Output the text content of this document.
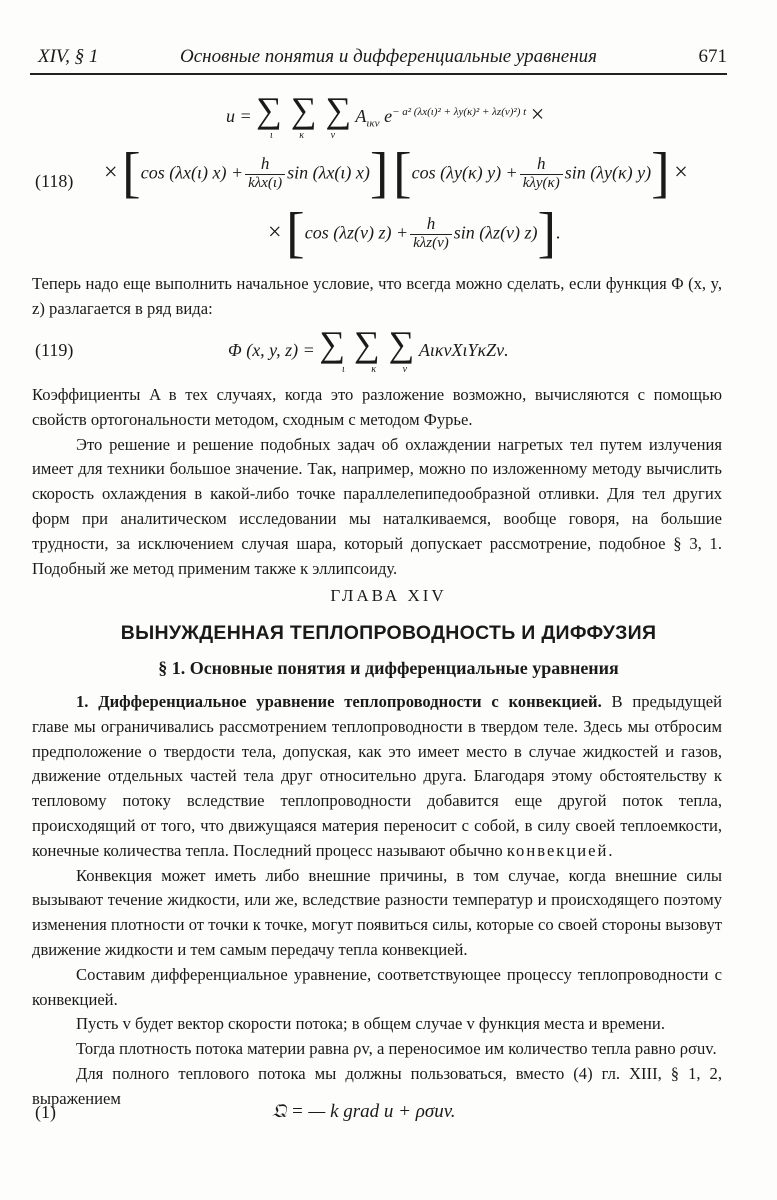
XIV, § 1	Основные понятия и дифференциальные уравнения	671
u = ∑ ∑ ∑ $A_{\iota\kappa\nu}$ $e^{- a^2 (\lambda x(\iota)^2 + \lambda y(\kappa)^2 + \lambda z(\nu)^2) t}$ ×
ι κ ν
(118) × [cos (λx(ι) $x) + \frac{h}{\text{kλx(ι)}}$ sin (λx(ι) x)] [cos (λy(κ) $y) + \frac{h}{\text{kλy(κ)}}$ sin (λy(κ) y)] ×
× [cos (λz(ν) $z) + \frac{h}{\text{kλz(ν)}}$ sin (λz(ν) z)].

Теперь надо еще выполнить начальное условие, что всегда можно сделать, если функция Φ (x, y, z) разлагается в ряд вида:

(119)	Φ (x, y, z) = ∑ ∑ ∑ AικνXιYκZν.
ι κ ν

Коэффициенты A в тех случаях, когда это разложение возможно, вычисляются с помощью свойств ортогональности методом, сходным с методом Фурье.

Это решение и решение подобных задач об охлаждении нагретых тел путем излучения имеет для техники большое значение. Так, например, можно по изложенному методу вычислить скорость охлаждения в какой-либо точке параллелепипедообразной отливки. Для тел других форм при аналитическом исследовании мы наталкиваемся, вообще говоря, на большие трудности, за исключением случая шара, который допускает рассмотрение, подобное § 3, 1. Подобный же метод применим также к эллипсоиду.

ГЛАВА XIV
ВЫНУЖДЕННАЯ ТЕПЛОПРОВОДНОСТЬ И ДИФФУЗИЯ
§ 1. Основные понятия и дифференциальные уравнения

1. Дифференциальное уравнение теплопроводности с конвекцией. В предыдущей главе мы ограничивались рассмотрением теплопроводности в твердом теле. Здесь мы отбросим предположение о твердости тела, допуская, как это имеет место в случае жидкостей и газов, движение отдельных частей тела друг относительно друга. Благодаря этому обстоятельству к тепловому потоку вследствие теплопроводности добавится еще другой поток тепла, происходящий от того, что движущаяся материя переносит с собой, в силу своей теплоемкости, конечные количества тепла. Последний процесс называют обычно конвекцией.

Конвекция может иметь либо внешние причины, в том случае, когда внешние силы вызывают течение жидкости, или же, вследствие разности температур и происходящего поэтому изменения плотности от точки к точке, могут появиться силы, которые со своей стороны вызовут движение жидкости и тем самым передачу тепла конвекцией.

Составим дифференциальное уравнение, соответствующее процессу теплопроводности с конвекцией.

Пусть v будет вектор скорости потока; в общем случае v функция места и времени.

Тогда плотность потока материи равна ρv, а переносимое им количество тепла равно ρσuv.

Для полного теплового потока мы должны пользоваться, вместо (4) гл. XIII, § 1, 2, выражением

(1)	𝔔 = — k grad u + ρσuv.
